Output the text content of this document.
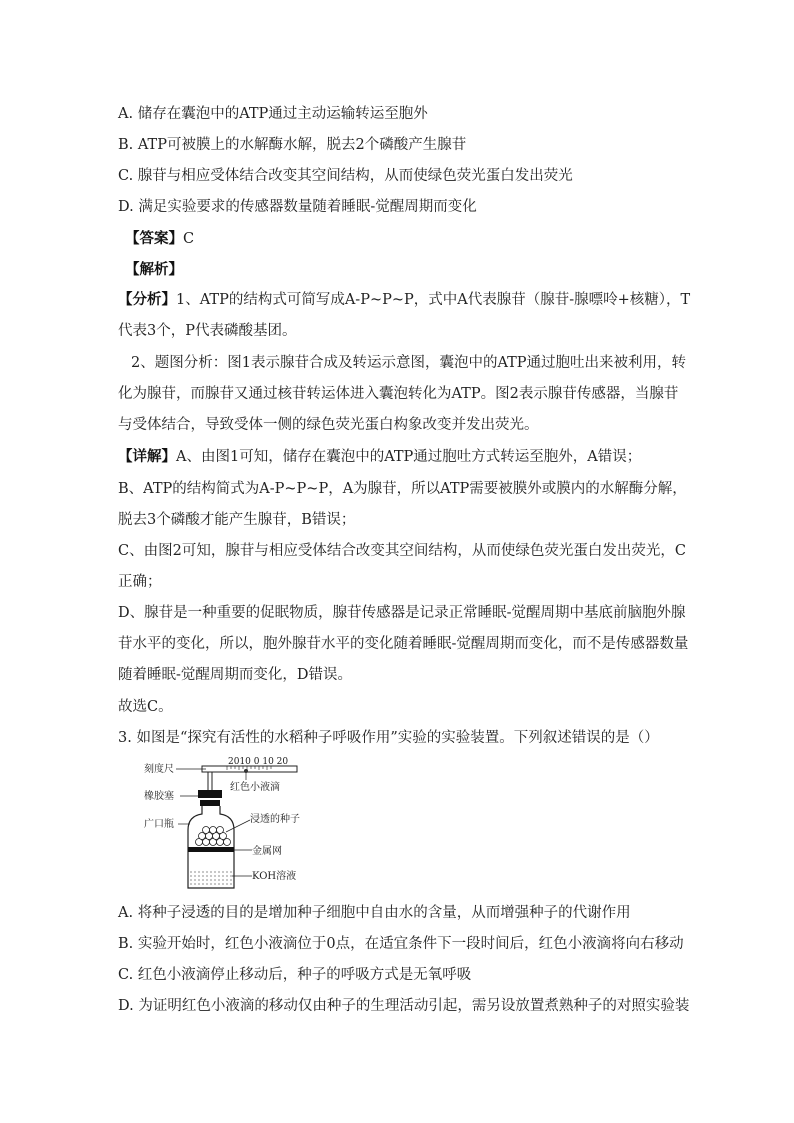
A. 储存在囊泡中的ATP通过主动运输转运至胞外
B. ATP可被膜上的水解酶水解，脱去2个磷酸产生腺苷
C. 腺苷与相应受体结合改变其空间结构，从而使绿色荧光蛋白发出荧光
D. 满足实验要求的传感器数量随着睡眠-觉醒周期而变化
【答案】C
【解析】
【分析】1、ATP的结构式可简写成A-P~P~P，式中A代表腺苷（腺苷-腺嘌呤+核糖），T
代表3个，P代表磷酸基团。
2、题图分析：图1表示腺苷合成及转运示意图，囊泡中的ATP通过胞吐出来被利用，转
化为腺苷，而腺苷又通过核苷转运体进入囊泡转化为ATP。图2表示腺苷传感器，当腺苷
与受体结合，导致受体一侧的绿色荧光蛋白构象改变并发出荧光。
【详解】A、由图1可知，储存在囊泡中的ATP通过胞吐方式转运至胞外，A错误；
B、ATP的结构简式为A-P~P~P，A为腺苷，所以ATP需要被膜外或膜内的水解酶分解，
脱去3个磷酸才能产生腺苷，B错误；
C、由图2可知，腺苷与相应受体结合改变其空间结构，从而使绿色荧光蛋白发出荧光，C
正确；
D、腺苷是一种重要的促眠物质，腺苷传感器是记录正常睡眠-觉醒周期中基底前脑胞外腺
苷水平的变化，所以，胞外腺苷水平的变化随着睡眠-觉醒周期而变化，而不是传感器数量
随着睡眠-觉醒周期而变化，D错误。
故选C。
3. 如图是“探究有活性的水稻种子呼吸作用”实验的实验装置。下列叙述错误的是（）
2010 0 10 20
刻度尺
红色小液滴
橡胶塞
广口瓶	浸透的种子
金属网
KOH溶液
A. 将种子浸透的目的是增加种子细胞中自由水的含量，从而增强种子的代谢作用
B. 实验开始时，红色小液滴位于0点，在适宜条件下一段时间后，红色小液滴将向右移动
C. 红色小液滴停止移动后，种子的呼吸方式是无氧呼吸
D. 为证明红色小液滴的移动仅由种子的生理活动引起，需另设放置煮熟种子的对照实验装
